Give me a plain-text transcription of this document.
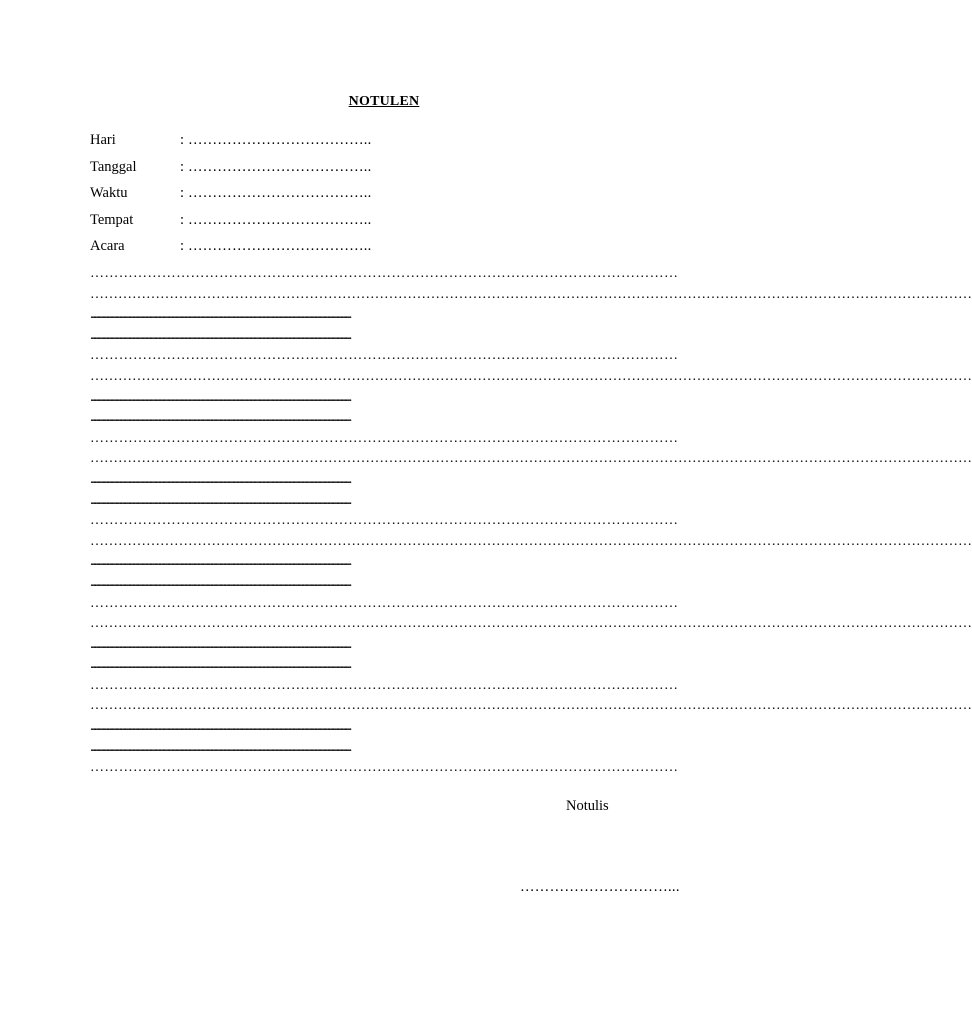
NOTULEN
Hari	: ………………………………..
Tanggal	: ………………………………..
Waktu	: ………………………………..
Tempat	: ………………………………..
Acara	: ………………………………..
……………………………………………………………………………………………………………
………………………………………………………………………………………………………………………………………………………………………
........................................................................................................................................................................................................
........................................................................................................................................................................................................
……………………………………………………………………………………………………………
………………………………………………………………………………………………………………………………………………………………………
........................................................................................................................................................................................................
........................................................................................................................................................................................................
……………………………………………………………………………………………………………
………………………………………………………………………………………………………………………………………………………………………
........................................................................................................................................................................................................
........................................................................................................................................................................................................
……………………………………………………………………………………………………………
………………………………………………………………………………………………………………………………………………………………………
........................................................................................................................................................................................................
........................................................................................................................................................................................................
……………………………………………………………………………………………………………
………………………………………………………………………………………………………………………………………………………………………
........................................................................................................................................................................................................
........................................................................................................................................................................................................
……………………………………………………………………………………………………………
………………………………………………………………………………………………………………………………………………………………………
........................................................................................................................................................................................................
........................................................................................................................................................................................................
……………………………………………………………………………………………………………
Notulis
…………………………...
